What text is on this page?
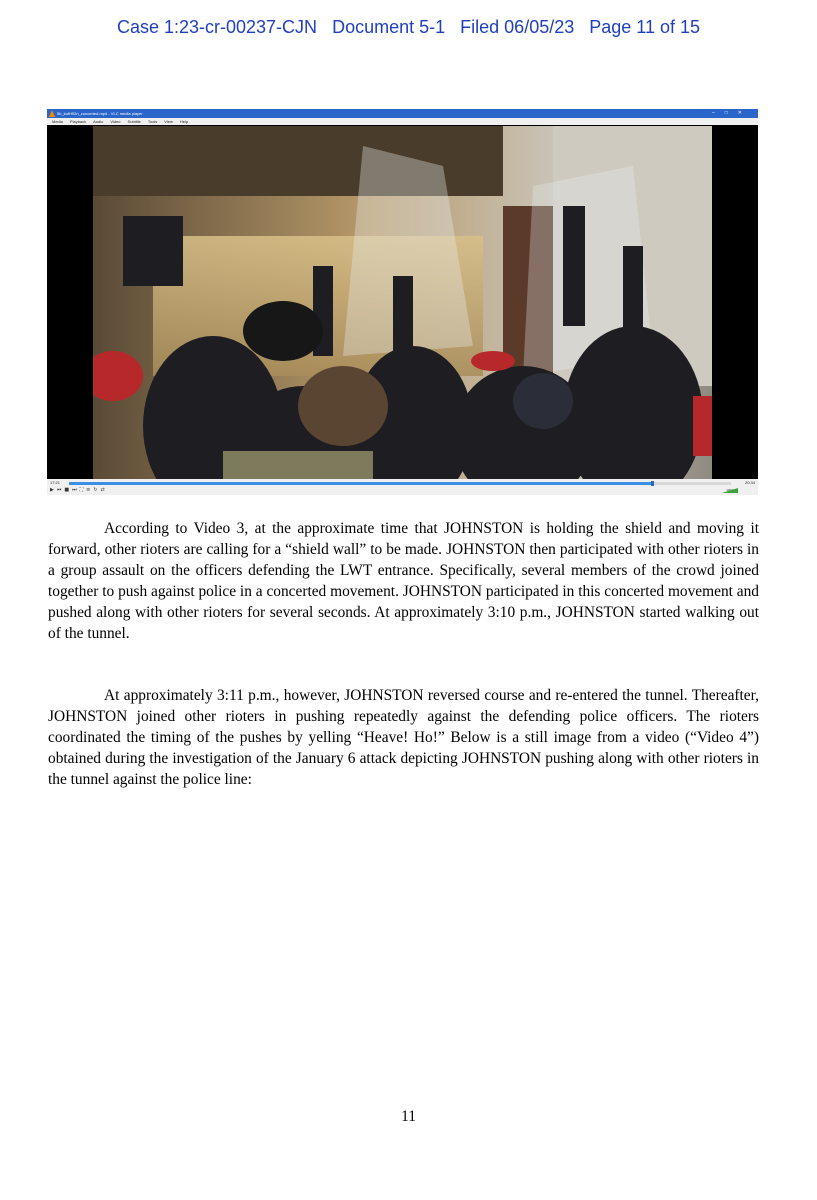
Case 1:23-cr-00237-CJN Document 5-1 Filed 06/05/23 Page 11 of 15
5b_kufH92n_concerted.mp4 - VLC media player	–□✕
Media Playback Audio Video Subtitle Tools View Help
17:21	20:34
▶ ⏮ ■ ⏭ ⛶ ≡ ↻ ⇄	100%

According to Video 3, at the approximate time that JOHNSTON is holding the shield and moving it forward, other rioters are calling for a “shield wall” to be made. JOHNSTON then participated with other rioters in a group assault on the officers defending the LWT entrance. Specifically, several members of the crowd joined together to push against police in a concerted movement. JOHNSTON participated in this concerted movement and pushed along with other rioters for several seconds. At approximately 3:10 p.m., JOHNSTON started walking out of the tunnel.

At approximately 3:11 p.m., however, JOHNSTON reversed course and re-entered the tunnel. Thereafter, JOHNSTON joined other rioters in pushing repeatedly against the defending police officers. The rioters coordinated the timing of the pushes by yelling “Heave! Ho!” Below is a still image from a video (“Video 4”) obtained during the investigation of the January 6 attack depicting JOHNSTON pushing along with other rioters in the tunnel against the police line:

11
